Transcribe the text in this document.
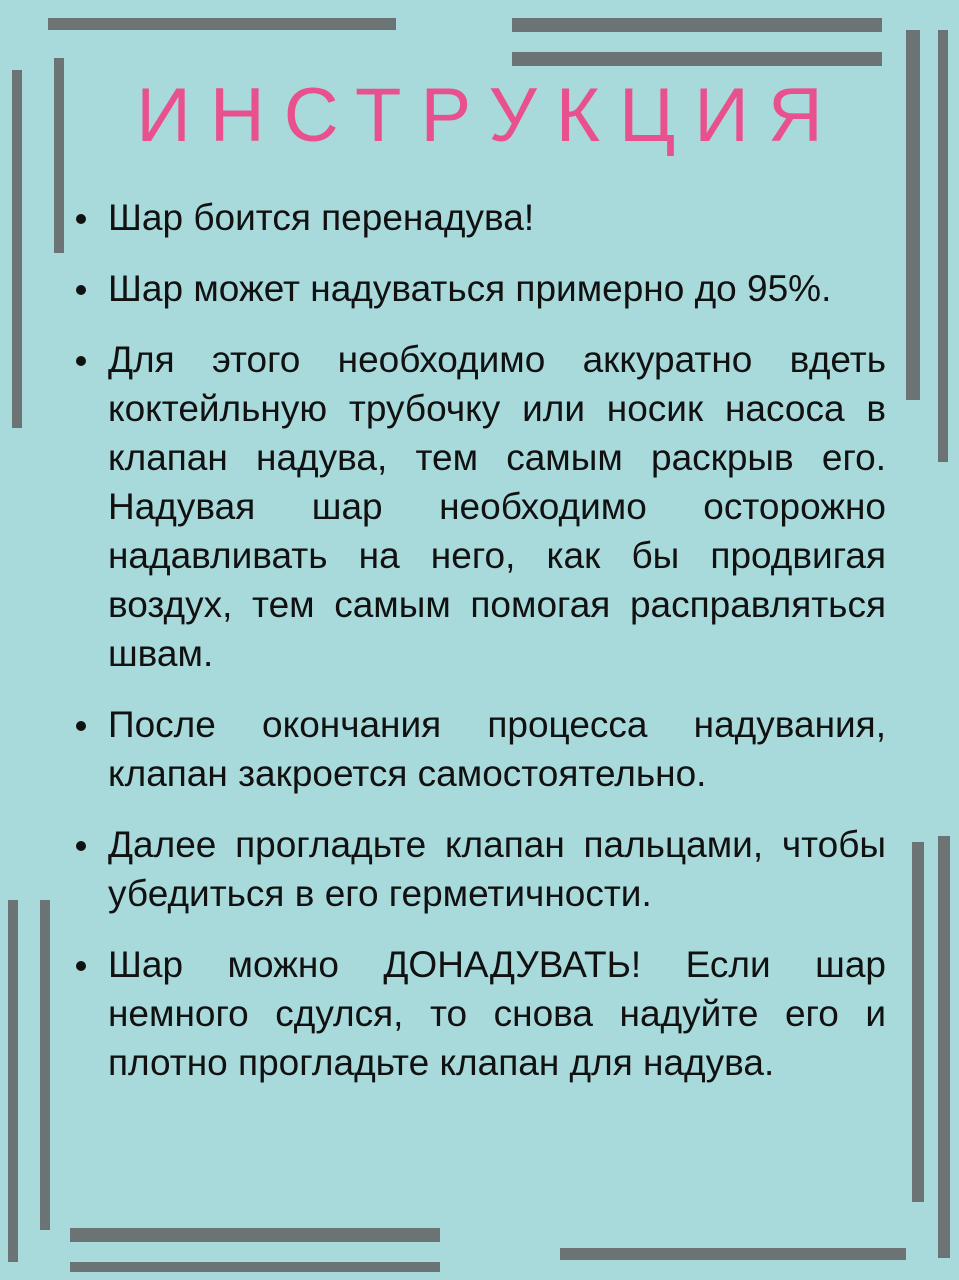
ИНСТРУКЦИЯ
Шар боится перенадува!
Шар может надуваться примерно до 95%.
Для этого необходимо аккуратно вдеть коктейльную трубочку или носик насоса в клапан надува, тем самым раскрыв его. Надувая шар необходимо осторожно надавливать на него, как бы продвигая воздух, тем самым помогая расправляться швам.
После окончания процесса надувания, клапан закроется самостоятельно.
Далее прогладьте клапан пальцами, чтобы убедиться в его герметичности.
Шар можно ДОНАДУВАТЬ! Если шар немного сдулся, то снова надуйте его и плотно прогладьте клапан для надува.
